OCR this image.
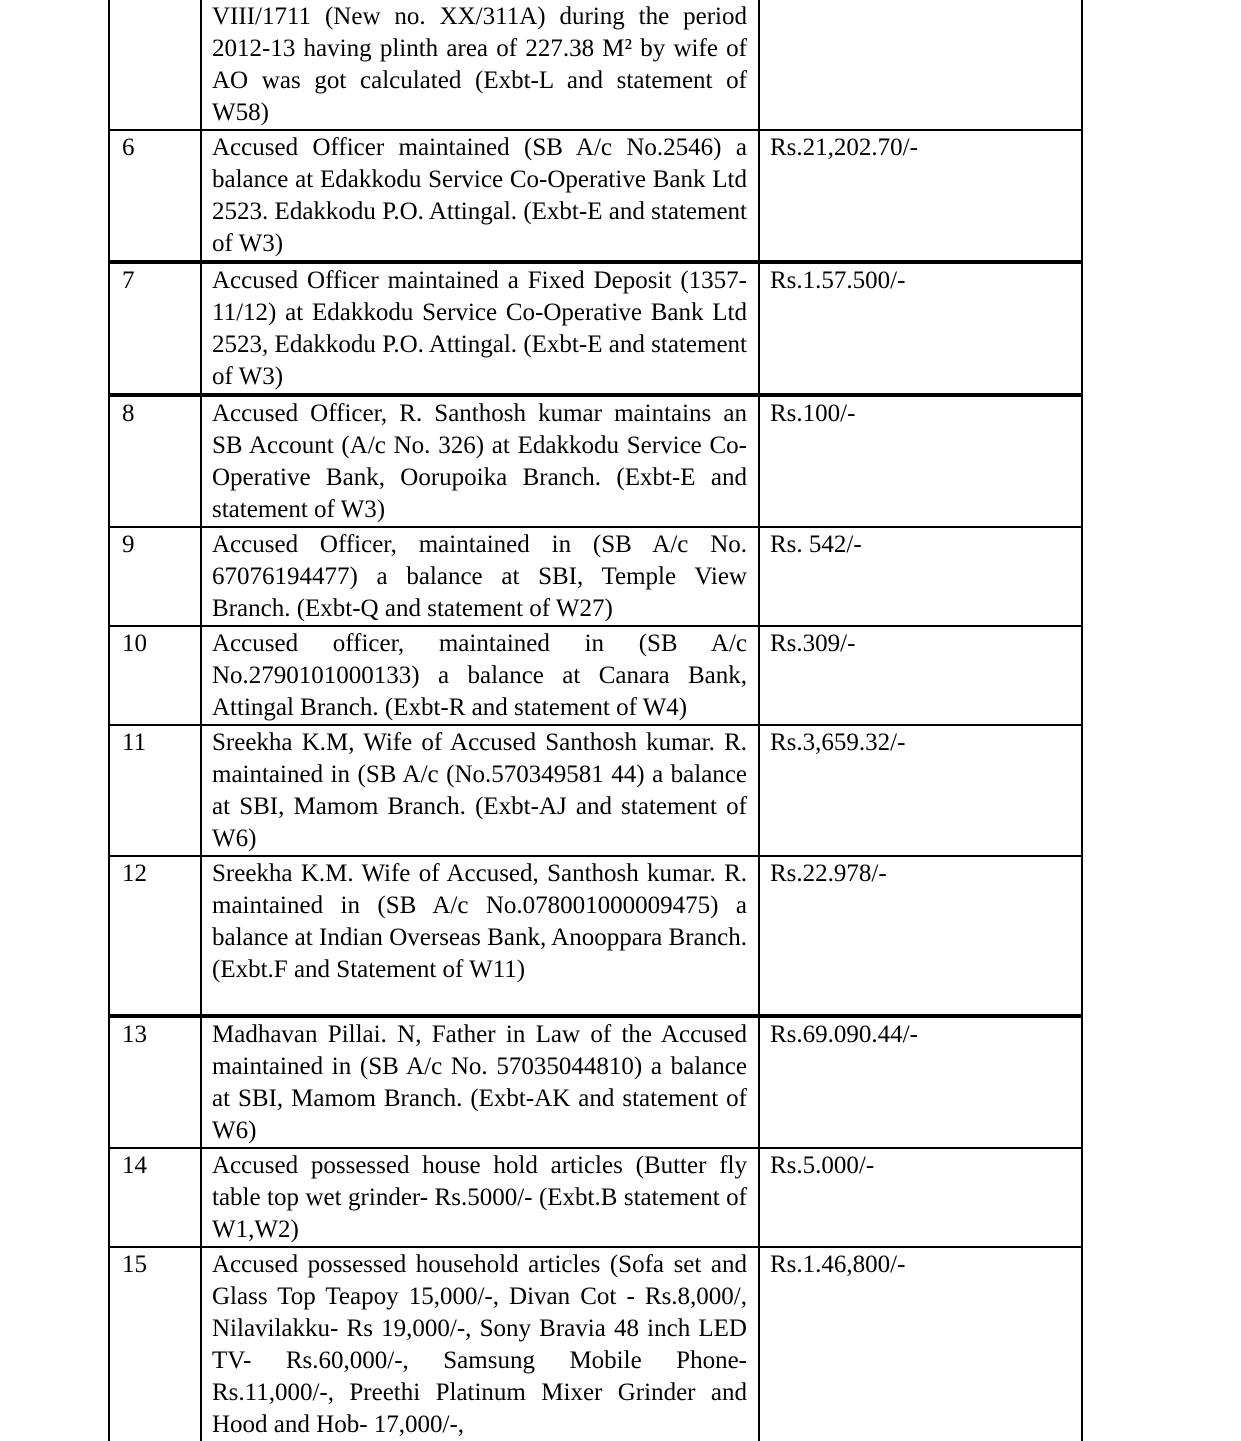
	VIII/1711 (New no. XX/311A) during the period 2012-13 having plinth area of 227.38 M² by wife of AO was got calculated (Exbt-L and statement of W58)	
6	Accused Officer maintained (SB A/c No.2546) a balance at Edakkodu Service Co-Operative Bank Ltd 2523. Edakkodu P.O. Attingal. (Exbt-E and statement of W3)	Rs.21,202.70/-
7	Accused Officer maintained a Fixed Deposit (1357-11/12) at Edakkodu Service Co-Operative Bank Ltd 2523, Edakkodu P.O. Attingal. (Exbt-E and statement of W3)	Rs.1.57.500/-
8	Accused Officer, R. Santhosh kumar maintains an SB Account (A/c No. 326) at Edakkodu Service Co- Operative Bank, Oorupoika Branch. (Exbt-E and statement of W3)	Rs.100/-
9	Accused Officer, maintained in (SB A/c No. 67076194477) a balance at SBI, Temple View Branch. (Exbt-Q and statement of W27)	Rs. 542/-
10	Accused officer, maintained in (SB A/c No.2790101000133) a balance at Canara Bank, Attingal Branch. (Exbt-R and statement of W4)	Rs.309/-
11	Sreekha K.M, Wife of Accused Santhosh kumar. R. maintained in (SB A/c (No.570349581 44) a balance at SBI, Mamom Branch. (Exbt-AJ and statement of W6)	Rs.3,659.32/-
12	Sreekha K.M. Wife of Accused, Santhosh kumar. R. maintained in (SB A/c No.078001000009475) a balance at Indian Overseas Bank, Anooppara Branch. (Exbt.F and Statement of W11)	Rs.22.978/-
13	Madhavan Pillai. N, Father in Law of the Accused maintained in (SB A/c No. 57035044810) a balance at SBI, Mamom Branch. (Exbt-AK and statement of W6)	Rs.69.090.44/-
14	Accused possessed house hold articles (Butter fly table top wet grinder- Rs.5000/- (Exbt.B statement of W1,W2)	Rs.5.000/-
15	Accused possessed household articles (Sofa set and Glass Top Teapoy 15,000/-, Divan Cot - Rs.8,000/, Nilavilakku- Rs 19,000/-, Sony Bravia 48 inch LED TV- Rs.60,000/-, Samsung Mobile Phone- Rs.11,000/-, Preethi Platinum Mixer Grinder and Hood and Hob- 17,000/-,	Rs.1.46,800/-
